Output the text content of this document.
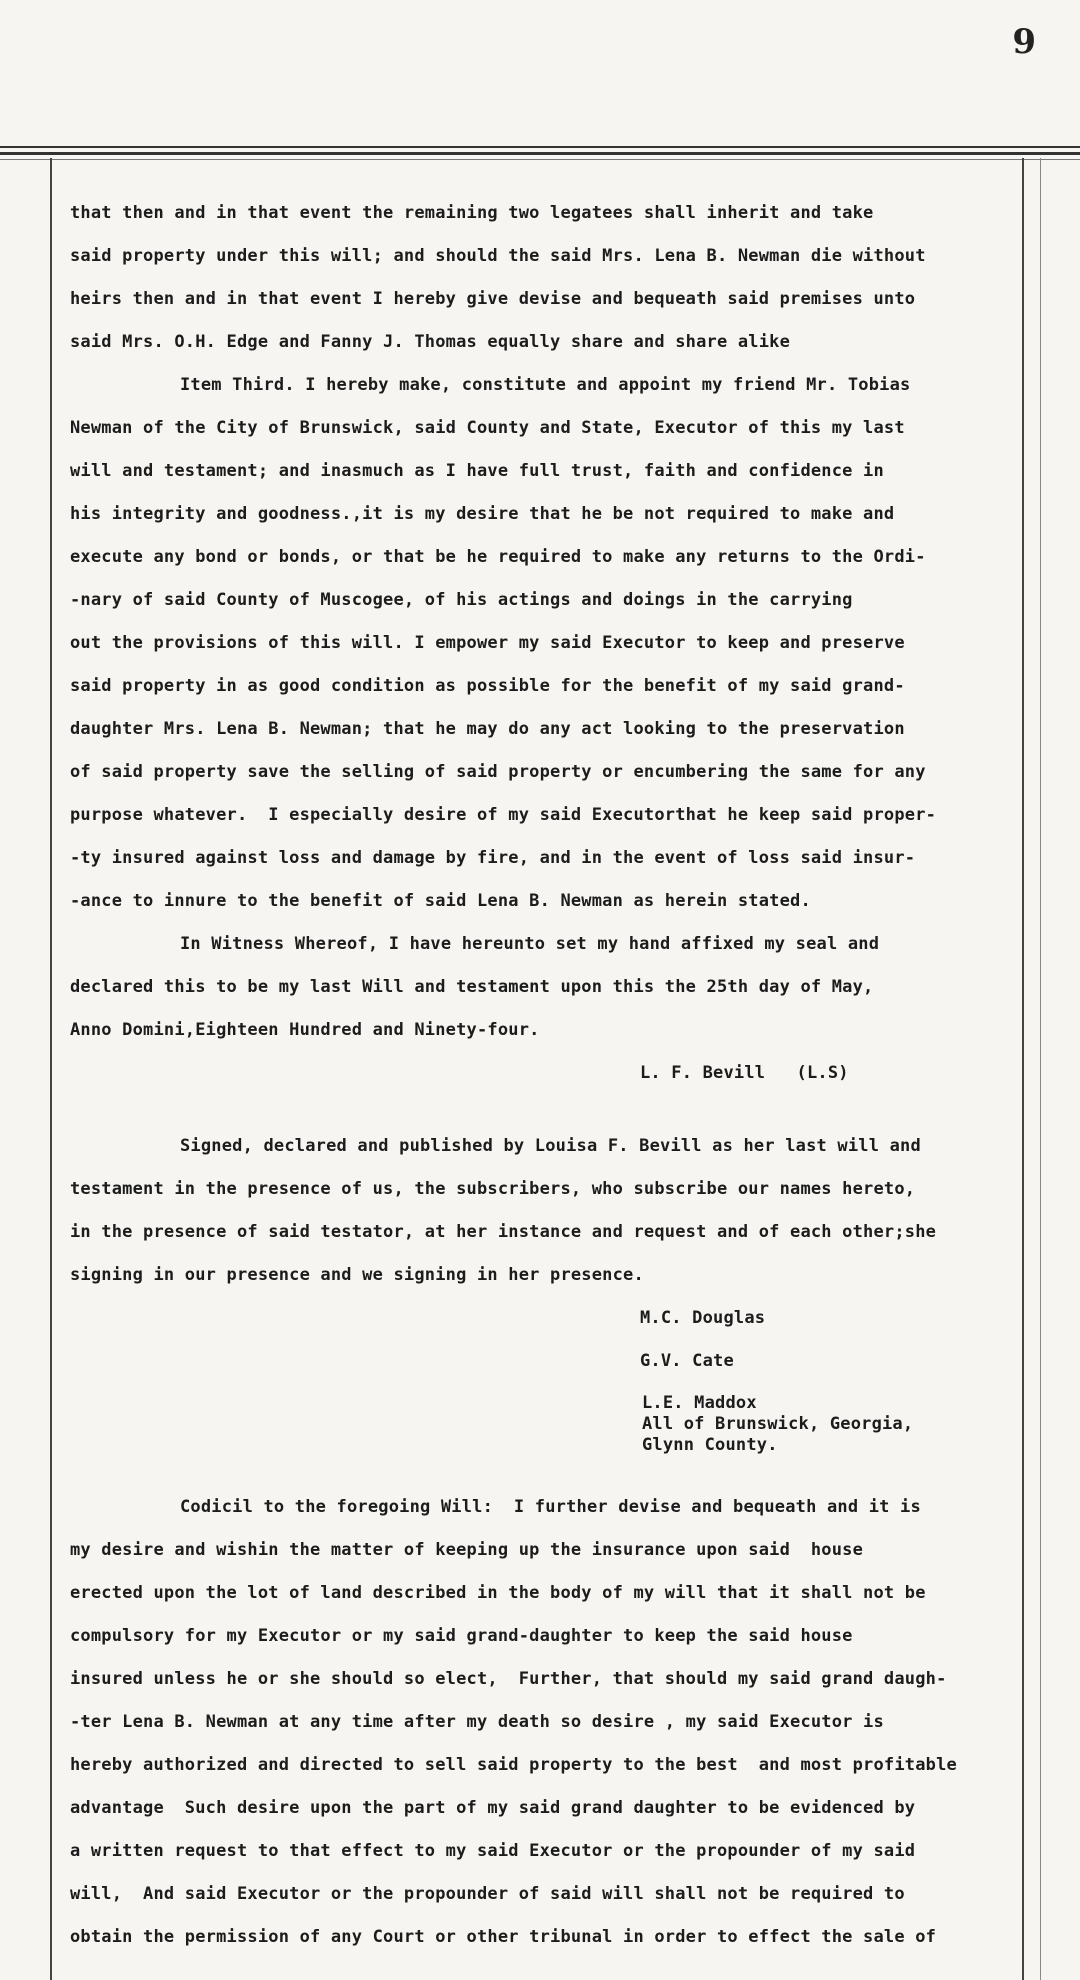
9
that then and in that event the remaining two legatees shall inherit and take
said property under this will; and should the said Mrs. Lena B. Newman die without
heirs then and in that event I hereby give devise and bequeath said premises unto
said Mrs. O.H. Edge and Fanny J. Thomas equally share and share alike
Item Third. I hereby make, constitute and appoint my friend Mr. Tobias
Newman of the City of Brunswick, said County and State, Executor of this my last
will and testament; and inasmuch as I have full trust, faith and confidence in
his integrity and goodness.,it is my desire that he be not required to make and
execute any bond or bonds, or that be he required to make any returns to the Ordi-
-nary of said County of Muscogee, of his actings and doings in the carrying
out the provisions of this will. I empower my said Executor to keep and preserve
said property in as good condition as possible for the benefit of my said grand-
daughter Mrs. Lena B. Newman; that he may do any act looking to the preservation
of said property save the selling of said property or encumbering the same for any
purpose whatever.  I especially desire of my said Executorthat he keep said proper-
-ty insured against loss and damage by fire, and in the event of loss said insur-
-ance to innure to the benefit of said Lena B. Newman as herein stated.
In Witness Whereof, I have hereunto set my hand affixed my seal and
declared this to be my last Will and testament upon this the 25th day of May,
Anno Domini,Eighteen Hundred and Ninety-four.
L. F. Bevill   (L.S)
Signed, declared and published by Louisa F. Bevill as her last will and
testament in the presence of us, the subscribers, who subscribe our names hereto,
in the presence of said testator, at her instance and request and of each other;she
signing in our presence and we signing in her presence.
M.C. Douglas
G.V. Cate
L.E. Maddox
All of Brunswick, Georgia,
Glynn County.
Codicil to the foregoing Will:  I further devise and bequeath and it is
my desire and wishin the matter of keeping up the insurance upon said  house
erected upon the lot of land described in the body of my will that it shall not be
compulsory for my Executor or my said grand-daughter to keep the said house
insured unless he or she should so elect,  Further, that should my said grand daugh-
-ter Lena B. Newman at any time after my death so desire , my said Executor is
hereby authorized and directed to sell said property to the best  and most profitable
advantage  Such desire upon the part of my said grand daughter to be evidenced by
a written request to that effect to my said Executor or the propounder of my said
will,  And said Executor or the propounder of said will shall not be required to
obtain the permission of any Court or other tribunal in order to effect the sale of
